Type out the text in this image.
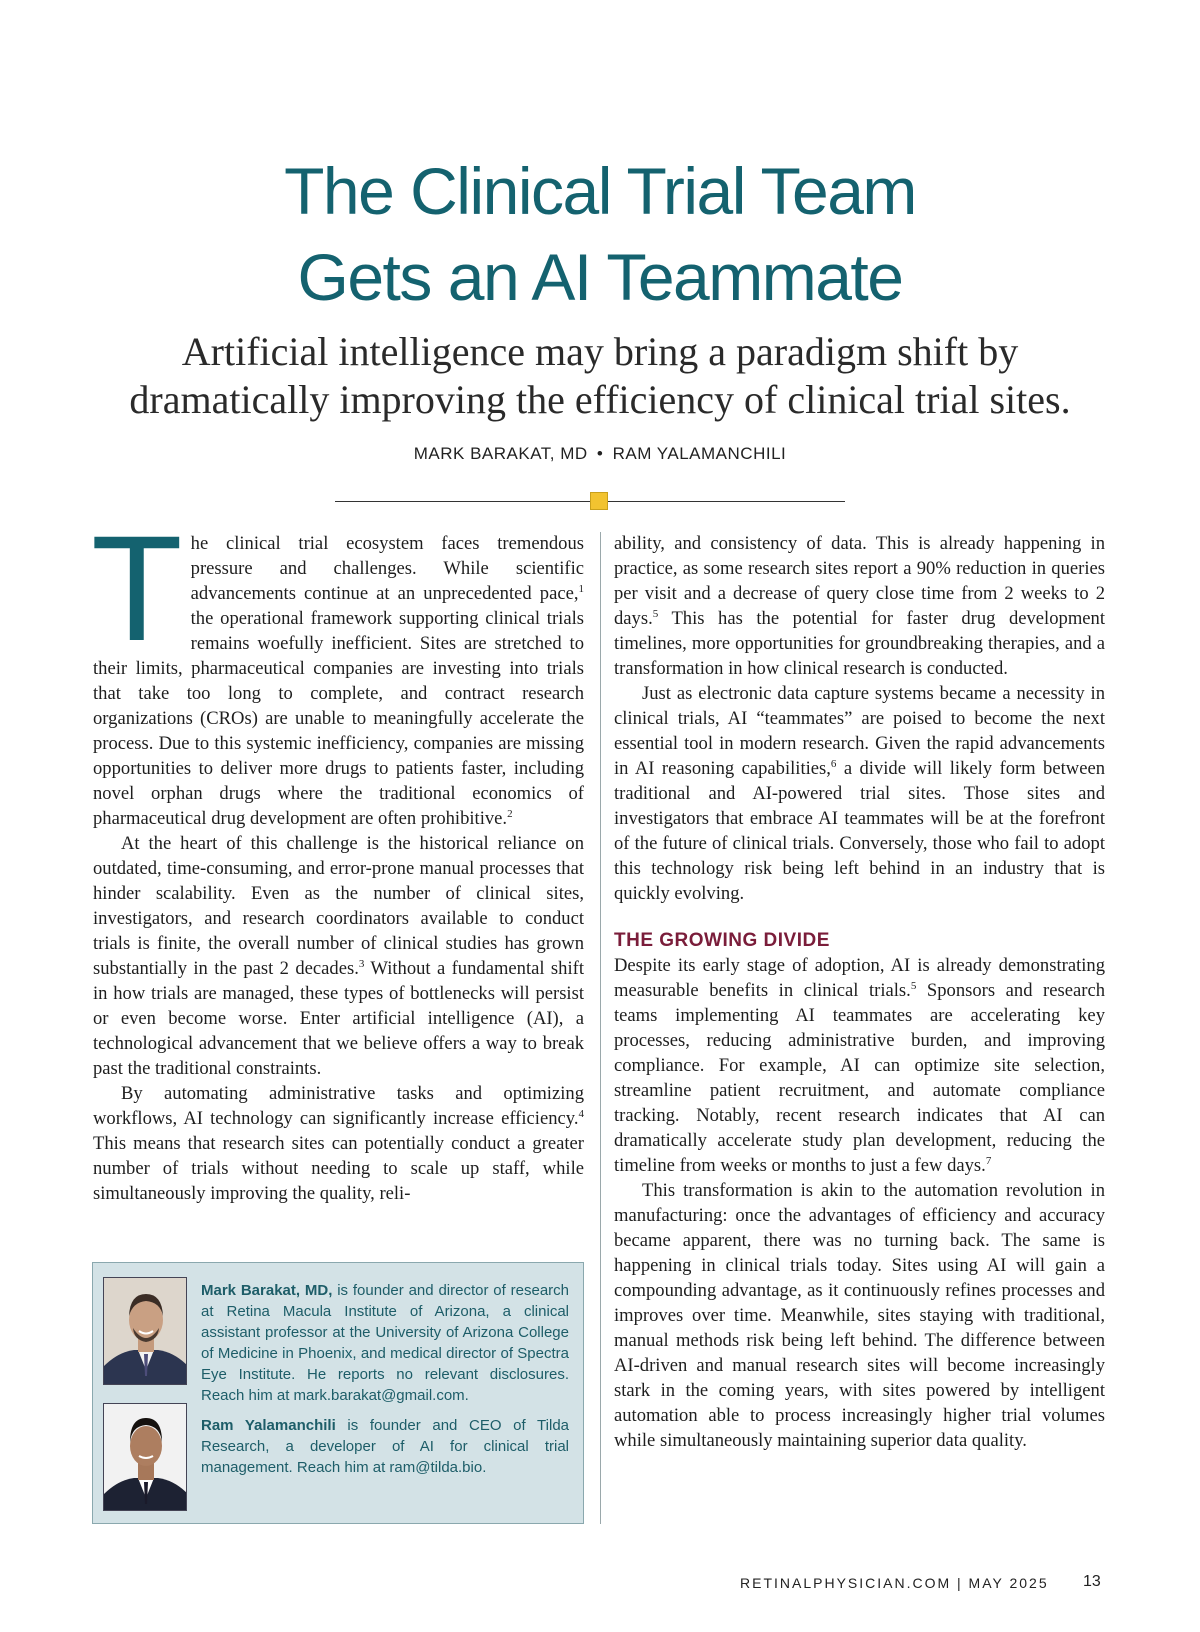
The Clinical Trial Team
Gets an AI Teammate
Artificial intelligence may bring a paradigm shift by
dramatically improving the efficiency of clinical trial sites.
MARK BARAKAT, MD • RAM YALAMANCHILI

The clinical trial ecosystem faces tremendous pressure and challenges. While scientific advancements continue at an unprecedented pace,$^1$ the operational framework supporting clinical trials remains woefully inefficient. Sites are stretched to their limits, pharmaceutical companies are investing into trials that take too long to complete, and contract research organizations (CROs) are unable to meaningfully accelerate the process. Due to this systemic inefficiency, companies are missing opportunities to deliver more drugs to patients faster, including novel orphan drugs where the traditional economics of pharmaceutical drug development are often prohibitive.$^2$

At the heart of this challenge is the historical reliance on outdated, time-consuming, and error-prone manual processes that hinder scalability. Even as the number of clinical sites, investigators, and research coordinators available to conduct trials is finite, the overall number of clinical studies has grown substantially in the past 2 decades.$^3$ Without a fundamental shift in how trials are managed, these types of bottlenecks will persist or even become worse. Enter artificial intelligence (AI), a technological advancement that we believe offers a way to break past the traditional constraints.

By automating administrative tasks and optimizing workflows, AI technology can significantly increase efficiency.$^4$ This means that research sites can potentially conduct a greater number of trials without needing to scale up staff, while simultaneously improving the quality, reli-

ability, and consistency of data. This is already happening in practice, as some research sites report a 90% reduction in queries per visit and a decrease of query close time from 2 weeks to 2 days.$^5$ This has the potential for faster drug development timelines, more opportunities for groundbreaking therapies, and a transformation in how clinical research is conducted.

Just as electronic data capture systems became a necessity in clinical trials, AI “teammates” are poised to become the next essential tool in modern research. Given the rapid advancements in AI reasoning capabilities,$^6$ a divide will likely form between traditional and AI-powered trial sites. Those sites and investigators that embrace AI teammates will be at the forefront of the future of clinical trials. Conversely, those who fail to adopt this technology risk being left behind in an industry that is quickly evolving.

THE GROWING DIVIDE

Despite its early stage of adoption, AI is already demonstrating measurable benefits in clinical trials.$^5$ Sponsors and research teams implementing AI teammates are accelerating key processes, reducing administrative burden, and improving compliance. For example, AI can optimize site selection, streamline patient recruitment, and automate compliance tracking. Notably, recent research indicates that AI can dramatically accelerate study plan development, reducing the timeline from weeks or months to just a few days.$^7$

This transformation is akin to the automation revolution in manufacturing: once the advantages of efficiency and accuracy became apparent, there was no turning back. The same is happening in clinical trials today. Sites using AI will gain a compounding advantage, as it continuously refines processes and improves over time. Meanwhile, sites staying with traditional, manual methods risk being left behind. The difference between AI-driven and manual research sites will become increasingly stark in the coming years, with sites powered by intelligent automation able to process increasingly higher trial volumes while simultaneously maintaining superior data quality.

Mark Barakat, MD, is founder and director of research at Retina Macula Institute of Arizona, a clinical assistant professor at the University of Arizona College of Medicine in Phoenix, and medical director of Spectra Eye Institute. He reports no relevant disclosures. Reach him at mark.barakat@gmail.com.
Ram Yalamanchili is founder and CEO of Tilda Research, a developer of AI for clinical trial management. Reach him at ram@tilda.bio.
RETINALPHYSICIAN.COM | MAY 2025 13
